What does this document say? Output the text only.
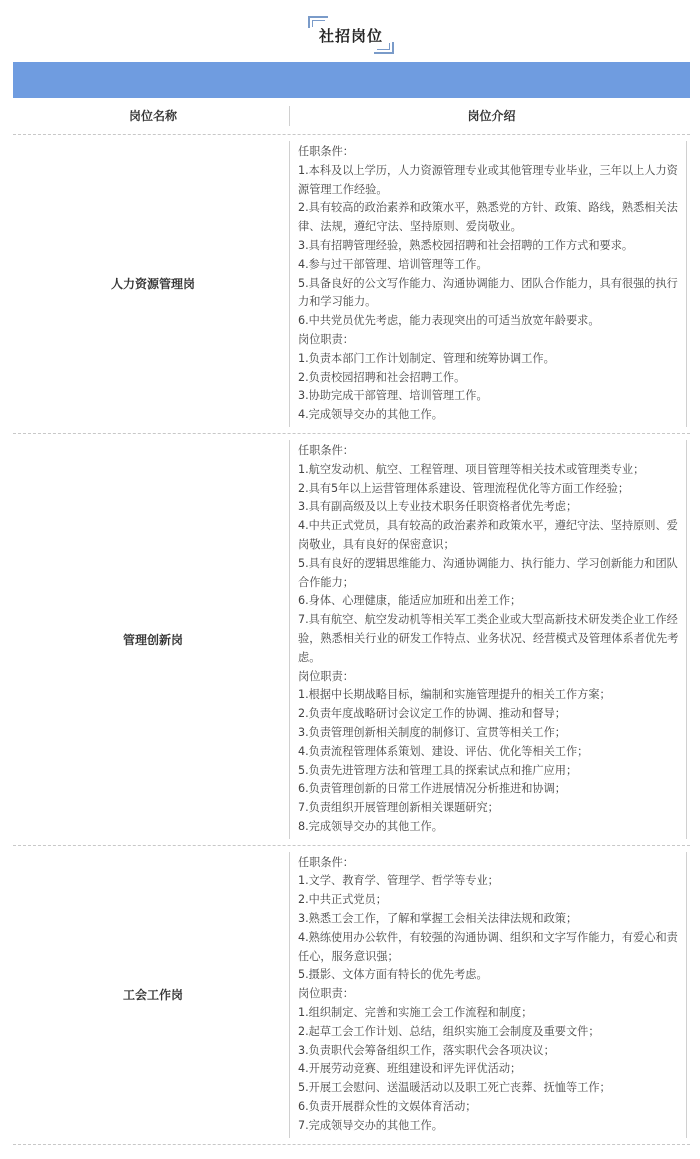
社招岗位
岗位名称	岗位介绍
人力资源管理岗
任职条件：
1.本科及以上学历，人力资源管理专业或其他管理专业毕业，三年以上人力资源管理工作经验。
2.具有较高的政治素养和政策水平，熟悉党的方针、政策、路线，熟悉相关法律、法规，遵纪守法、坚持原则、爱岗敬业。
3.具有招聘管理经验，熟悉校园招聘和社会招聘的工作方式和要求。
4.参与过干部管理、培训管理等工作。
5.具备良好的公文写作能力、沟通协调能力、团队合作能力，具有很强的执行力和学习能力。
6.中共党员优先考虑，能力表现突出的可适当放宽年龄要求。
岗位职责：
1.负责本部门工作计划制定、管理和统筹协调工作。
2.负责校园招聘和社会招聘工作。
3.协助完成干部管理、培训管理工作。
4.完成领导交办的其他工作。
管理创新岗
任职条件：
1.航空发动机、航空、工程管理、项目管理等相关技术或管理类专业；
2.具有5年以上运营管理体系建设、管理流程优化等方面工作经验；
3.具有副高级及以上专业技术职务任职资格者优先考虑；
4.中共正式党员，具有较高的政治素养和政策水平，遵纪守法、坚持原则、爱岗敬业，具有良好的保密意识；
5.具有良好的逻辑思维能力、沟通协调能力、执行能力、学习创新能力和团队合作能力；
6.身体、心理健康，能适应加班和出差工作；
7.具有航空、航空发动机等相关军工类企业或大型高新技术研发类企业工作经验，熟悉相关行业的研发工作特点、业务状况、经营模式及管理体系者优先考虑。
岗位职责：
1.根据中长期战略目标，编制和实施管理提升的相关工作方案；
2.负责年度战略研讨会议定工作的协调、推动和督导；
3.负责管理创新相关制度的制修订、宣贯等相关工作；
4.负责流程管理体系策划、建设、评估、优化等相关工作；
5.负责先进管理方法和管理工具的探索试点和推广应用；
6.负责管理创新的日常工作进展情况分析推进和协调；
7.负责组织开展管理创新相关课题研究；
8.完成领导交办的其他工作。
工会工作岗
任职条件：
1.文学、教育学、管理学、哲学等专业；
2.中共正式党员；
3.熟悉工会工作，了解和掌握工会相关法律法规和政策；
4.熟练使用办公软件，有较强的沟通协调、组织和文字写作能力，有爱心和责任心，服务意识强；
5.摄影、文体方面有特长的优先考虑。
岗位职责：
1.组织制定、完善和实施工会工作流程和制度；
2.起草工会工作计划、总结，组织实施工会制度及重要文件；
3.负责职代会筹备组织工作，落实职代会各项决议；
4.开展劳动竞赛、班组建设和评先评优活动；
5.开展工会慰问、送温暖活动以及职工死亡丧葬、抚恤等工作；
6.负责开展群众性的文娱体育活动；
7.完成领导交办的其他工作。
